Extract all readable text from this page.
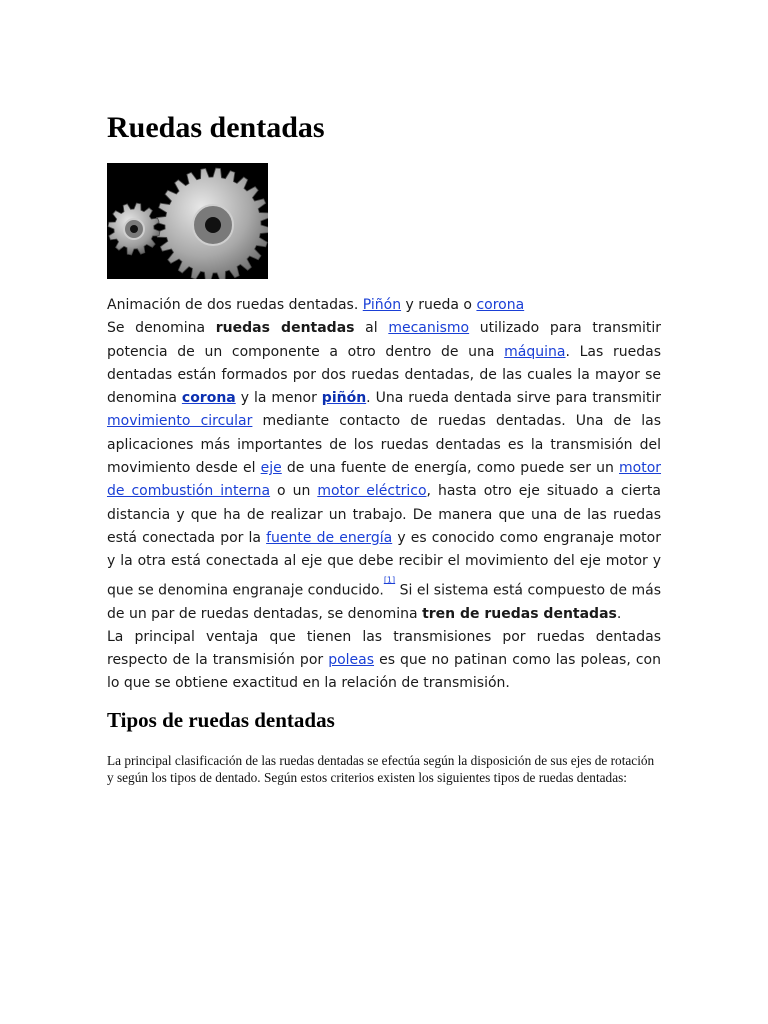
Ruedas dentadas

Animación de dos ruedas dentadas. Piñón y rueda o corona

Se denomina ruedas dentadas al mecanismo utilizado para transmitir potencia de un componente a otro dentro de una máquina. Las ruedas dentadas están formados por dos ruedas dentadas, de las cuales la mayor se denomina corona y la menor piñón. Una rueda dentada sirve para transmitir movimiento circular mediante contacto de ruedas dentadas. Una de las aplicaciones más importantes de los ruedas dentadas es la transmisión del movimiento desde el eje de una fuente de energía, como puede ser un motor de combustión interna o un motor eléctrico, hasta otro eje situado a cierta distancia y que ha de realizar un trabajo. De manera que una de las ruedas está conectada por la fuente de energía y es conocido como engranaje motor y la otra está conectada al eje que debe recibir el movimiento del eje motor y que se denomina engranaje conducido.[1] Si el sistema está compuesto de más de un par de ruedas dentadas, se denomina tren de ruedas dentadas.

La principal ventaja que tienen las transmisiones por ruedas dentadas respecto de la transmisión por poleas es que no patinan como las poleas, con lo que se obtiene exactitud en la relación de transmisión.

Tipos de ruedas dentadas

La principal clasificación de las ruedas dentadas se efectúa según la disposición de sus ejes de rotación y según los tipos de dentado. Según estos criterios existen los siguientes tipos de ruedas dentadas:
